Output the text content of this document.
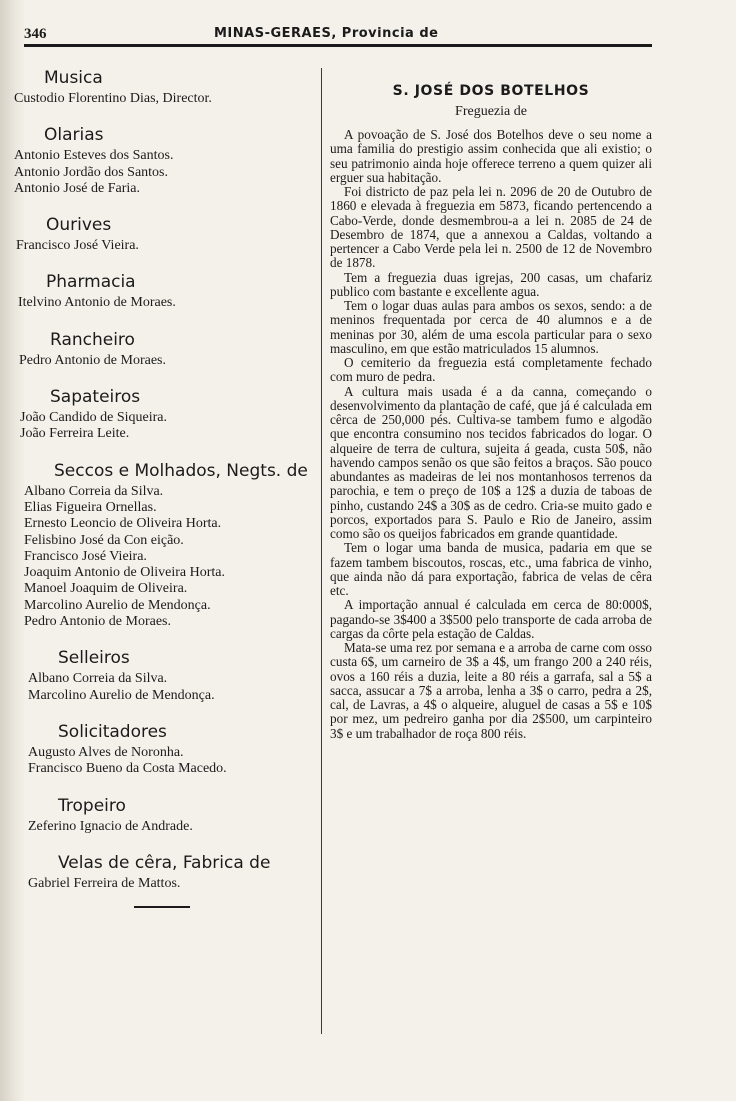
346	MINAS-GERAES, Provincia de

Musica

Custodio Florentino Dias, Director.

Olarias

Antonio Esteves dos Santos.

Antonio Jordão dos Santos.

Antonio José de Faria.

Ourives

Francisco José Vieira.

Pharmacia

Itelvino Antonio de Moraes.

Rancheiro

Pedro Antonio de Moraes.

Sapateiros

João Candido de Siqueira.

João Ferreira Leite.

Seccos e Molhados, Negts. de

Albano Correia da Silva.

Elias Figueira Ornellas.

Ernesto Leoncio de Oliveira Horta.

Felisbino José da Con eição.

Francisco José Vieira.

Joaquim Antonio de Oliveira Horta.

Manoel Joaquim de Oliveira.

Marcolino Aurelio de Mendonça.

Pedro Antonio de Moraes.

Selleiros

Albano Correia da Silva.

Marcolino Aurelio de Mendonça.

Solicitadores

Augusto Alves de Noronha.

Francisco Bueno da Costa Macedo.

Tropeiro

Zeferino Ignacio de Andrade.

Velas de cêra, Fabrica de

Gabriel Ferreira de Mattos.

S. JOSÉ DOS BOTELHOS

Freguezia de

A povoação de S. José dos Botelhos deve o seu nome a uma familia do prestigio assim conhecida que ali existio; o seu patrimonio ainda hoje offerece terreno a quem quizer ali erguer sua habitação.

Foi districto de paz pela lei n. 2096 de 20 de Outubro de 1860 e elevada à freguezia em 5873, ficando pertencendo a Cabo-Verde, donde desmembrou-a a lei n. 2085 de 24 de Desembro de 1874, que a annexou a Caldas, voltando a pertencer a Cabo Verde pela lei n. 2500 de 12 de Novembro de 1878.

Tem a freguezia duas igrejas, 200 casas, um chafariz publico com bastante e excellente agua.

Tem o logar duas aulas para ambos os sexos, sendo: a de meninos frequentada por cerca de 40 alumnos e a de meninas por 30, além de uma escola particular para o sexo masculino, em que estão matriculados 15 alumnos.

O cemiterio da freguezia está completamente fechado com muro de pedra.

A cultura mais usada é a da canna, começando o desenvolvimento da plantação de café, que já é calculada em cêrca de 250,000 pés. Cultiva-se tambem fumo e algodão que encontra consumino nos tecidos fabricados do logar. O alqueire de terra de cultura, sujeita á geada, custa 50$, não havendo campos senão os que são feitos a braços. São pouco abundantes as madeiras de lei nos montanhosos terrenos da parochia, e tem o preço de 10$ a 12$ a duzia de taboas de pinho, custando 24$ a 30$ as de cedro. Cria-se muito gado e porcos, exportados para S. Paulo e Rio de Janeiro, assim como são os queijos fabricados em grande quantidade.

Tem o logar uma banda de musica, padaria em que se fazem tambem biscoutos, roscas, etc., uma fabrica de vinho, que ainda não dá para exportação, fabrica de velas de cêra etc.

A importação annual é calculada em cerca de 80:000$, pagando-se 3$400 a 3$500 pelo transporte de cada arroba de cargas da côrte pela estação de Caldas.

Mata-se uma rez por semana e a arroba de carne com osso custa 6$, um carneiro de 3$ a 4$, um frango 200 a 240 réis, ovos a 160 réis a duzia, leite a 80 réis a garrafa, sal a 5$ a sacca, assucar a 7$ a arroba, lenha a 3$ o carro, pedra a 2$, cal, de Lavras, a 4$ o alqueire, aluguel de casas a 5$ e 10$ por mez, um pedreiro ganha por dia 2$500, um carpinteiro 3$ e um trabalhador de roça 800 réis.
